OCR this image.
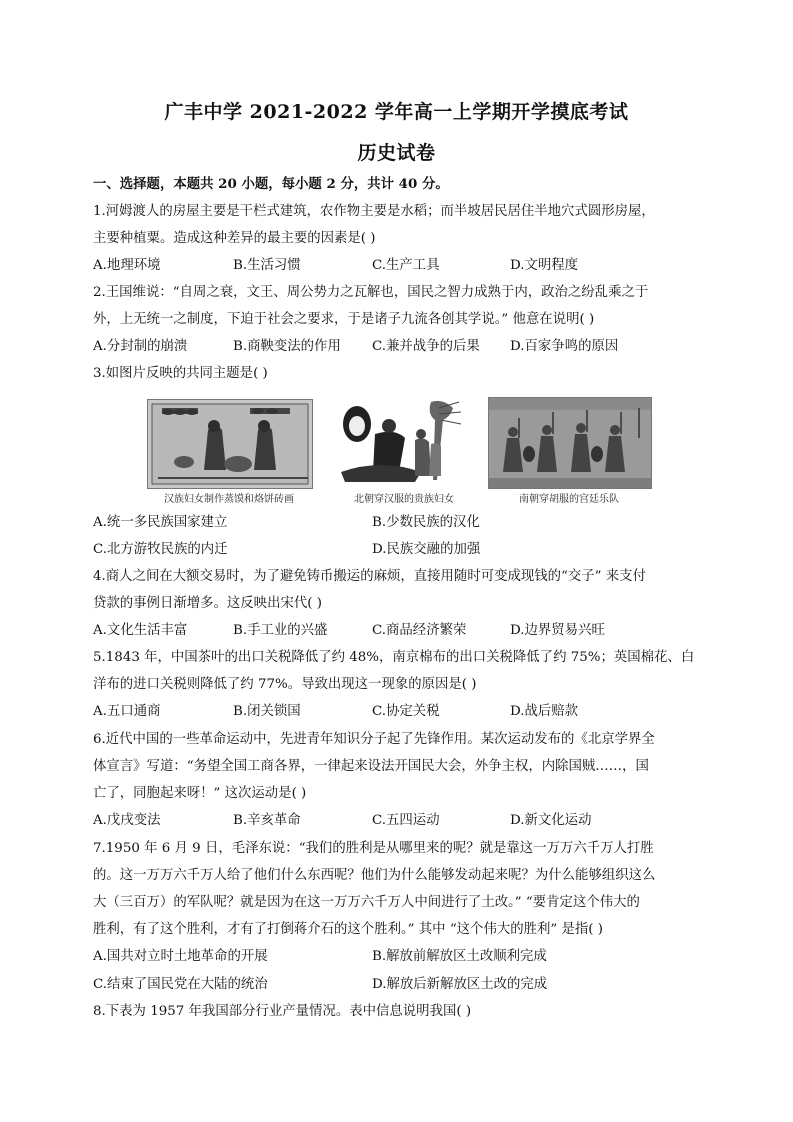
广丰中学 2021-2022 学年高一上学期开学摸底考试
历史试卷
一、选择题，本题共 20 小题，每小题 2 分，共计 40 分。
1.河姆渡人的房屋主要是干栏式建筑，农作物主要是水稻；而半坡居民居住半地穴式圆形房屋，
主要种植粟。造成这种差异的最主要的因素是( )
A.地理环境	B.生活习惯	C.生产工具	D.文明程度
2.王国维说：“自周之衰，文王、周公势力之瓦解也，国民之智力成熟于内，政治之纷乱乘之于
外，上无统一之制度，下迫于社会之要求，于是诸子九流各创其学说。” 他意在说明( )
A.分封制的崩溃	B.商鞅变法的作用 C.兼并战争的后果 D.百家争鸣的原因
3.如图片反映的共同主题是( )
汉族妇女制作蒸馍和烙饼砖画	北朝穿汉服的贵族妇女	南朝穿胡服的宫廷乐队
A.统一多民族国家建立	B.少数民族的汉化
C.北方游牧民族的内迁	D.民族交融的加强
4.商人之间在大额交易时，为了避免铸币搬运的麻烦，直接用随时可变成现钱的“交子” 来支付
贷款的事例日渐增多。这反映出宋代( )
A.文化生活丰富	B.手工业的兴盛	C.商品经济繁荣	D.边界贸易兴旺
5.1843 年，中国茶叶的出口关税降低了约 48%，南京棉布的出口关税降低了约 75%；英国棉花、白
洋布的进口关税则降低了约 77%。导致出现这一现象的原因是( )
A.五口通商	B.闭关锁国	C.协定关税	D.战后赔款
6.近代中国的一些革命运动中，先进青年知识分子起了先锋作用。某次运动发布的《北京学界全
体宣言》写道：“务望全国工商各界，一律起来设法开国民大会，外争主权，内除国贼……，国
亡了，同胞起来呀！” 这次运动是( )
A.戊戌变法	B.辛亥革命	C.五四运动	D.新文化运动
7.1950 年 6 月 9 日，毛泽东说：“我们的胜利是从哪里来的呢？就是靠这一万万六千万人打胜
的。这一万万六千万人给了他们什么东西呢？他们为什么能够发动起来呢？为什么能够组织这么
大（三百万）的军队呢？就是因为在这一万万六千万人中间进行了土改。” “要肯定这个伟大的
胜利，有了这个胜利，才有了打倒蒋介石的这个胜利。” 其中 “这个伟大的胜利” 是指( )
A.国共对立时土地革命的开展	B.解放前解放区土改顺利完成
C.结束了国民党在大陆的统治	D.解放后新解放区土改的完成
8.下表为 1957 年我国部分行业产量情况。表中信息说明我国( )
